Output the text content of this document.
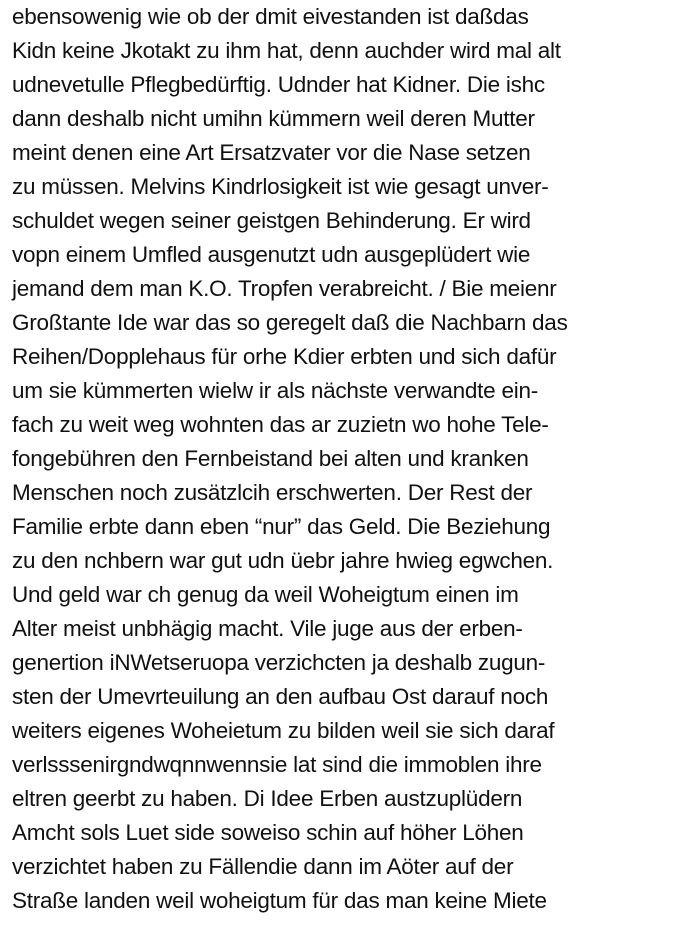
ebensowenig wie ob der dmit eivestanden ist daßdas
Kidn keine Jkotakt zu ihm hat, denn auchder wird mal alt
udnevetulle Pflegbedürftig. Udnder hat Kidner. Die ishc
dann deshalb nicht umihn kümmern weil deren Mutter
meint denen eine Art Ersatzvater vor die Nase setzen
zu müssen. Melvins Kindrlosigkeit ist wie gesagt unver-
schuldet wegen seiner geistgen Behinderung. Er wird
vopn einem Umfled ausgenutzt udn ausgeplüdert wie
jemand dem man K.O. Tropfen verabreicht. / Bie meienr
Großtante Ide war das so geregelt daß die Nachbarn das
Reihen/Dopplehaus für orhe Kdier erbten und sich dafür
um sie kümmerten wielw ir als nächste verwandte ein-
fach zu weit weg wohnten das ar zuzietn wo hohe Tele-
fongebühren den Fernbeistand bei alten und kranken
Menschen noch zusätzlcih erschwerten. Der Rest der
Familie erbte dann eben “nur” das Geld. Die Beziehung
zu den nchbern war gut udn üebr jahre hwieg egwchen.
Und geld war ch genug da weil Woheigtum einen im
Alter meist unbhägig macht. Vile juge aus der erben-
genertion iNWetseruopa verzichcten ja deshalb zugun-
sten der Umevrteuilung an den aufbau Ost darauf noch
weiters eigenes Woheietum zu bilden weil sie sich daraf
verlsssenirgndwqnnwennsie lat sind die immoblen ihre
eltren geerbt zu haben. Di Idee Erben austzuplüdern
Amcht sols Luet side soweiso schin auf höher Löhen
verzichtet haben zu Fällendie dann im Aöter auf der
Straße landen weil woheigtum für das man keine Miete
